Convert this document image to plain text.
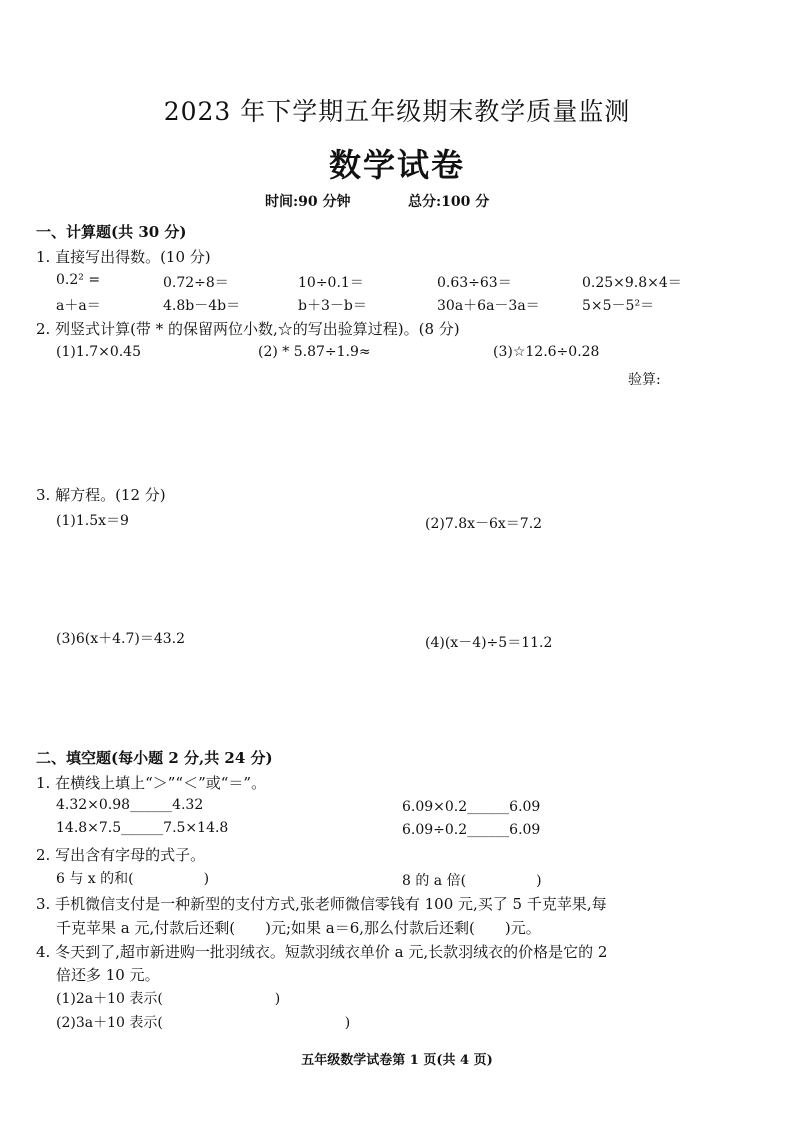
2023 年下学期五年级期末教学质量监测
数学试卷
时间:90 分钟	总分:100 分
一、计算题(共 30 分)
1. 直接写出得数。(10 分)
0.2² =	0.72÷8＝	10÷0.1＝	0.63÷63＝	0.25×9.8×4＝
a＋a＝	4.8b－4b＝	b＋3－b＝	30a＋6a－3a＝	5×5－5²＝
2. 列竖式计算(带 * 的保留两位小数,☆的写出验算过程)。(8 分)
(1)1.7×0.45	(2) * 5.87÷1.9≈	(3)☆12.6÷0.28
验算:
3. 解方程。(12 分)
(1)1.5x＝9	(2)7.8x－6x＝7.2
(3)6(x＋4.7)＝43.2	(4)(x－4)÷5＝11.2
二、填空题(每小题 2 分,共 24 分)
1. 在横线上填上“＞”“＜”或“＝”。
4.32×0.98______4.32	6.09×0.2______6.09
14.8×7.5______7.5×14.8	6.09÷0.2______6.09
2. 写出含有字母的式子。
6 与 x 的和(　　　　　)	8 的 a 倍(　　　　　)
3. 手机微信支付是一种新型的支付方式,张老师微信零钱有 100 元,买了 5 千克苹果,每
千克苹果 a 元,付款后还剩(　　)元;如果 a＝6,那么付款后还剩(　　)元。
4. 冬天到了,超市新进购一批羽绒衣。短款羽绒衣单价 a 元,长款羽绒衣的价格是它的 2
倍还多 10 元。
(1)2a＋10 表示(　　　　　　　　)
(2)3a＋10 表示(　　　　　　　　　　　　　)
五年级数学试卷第 1 页(共 4 页)
